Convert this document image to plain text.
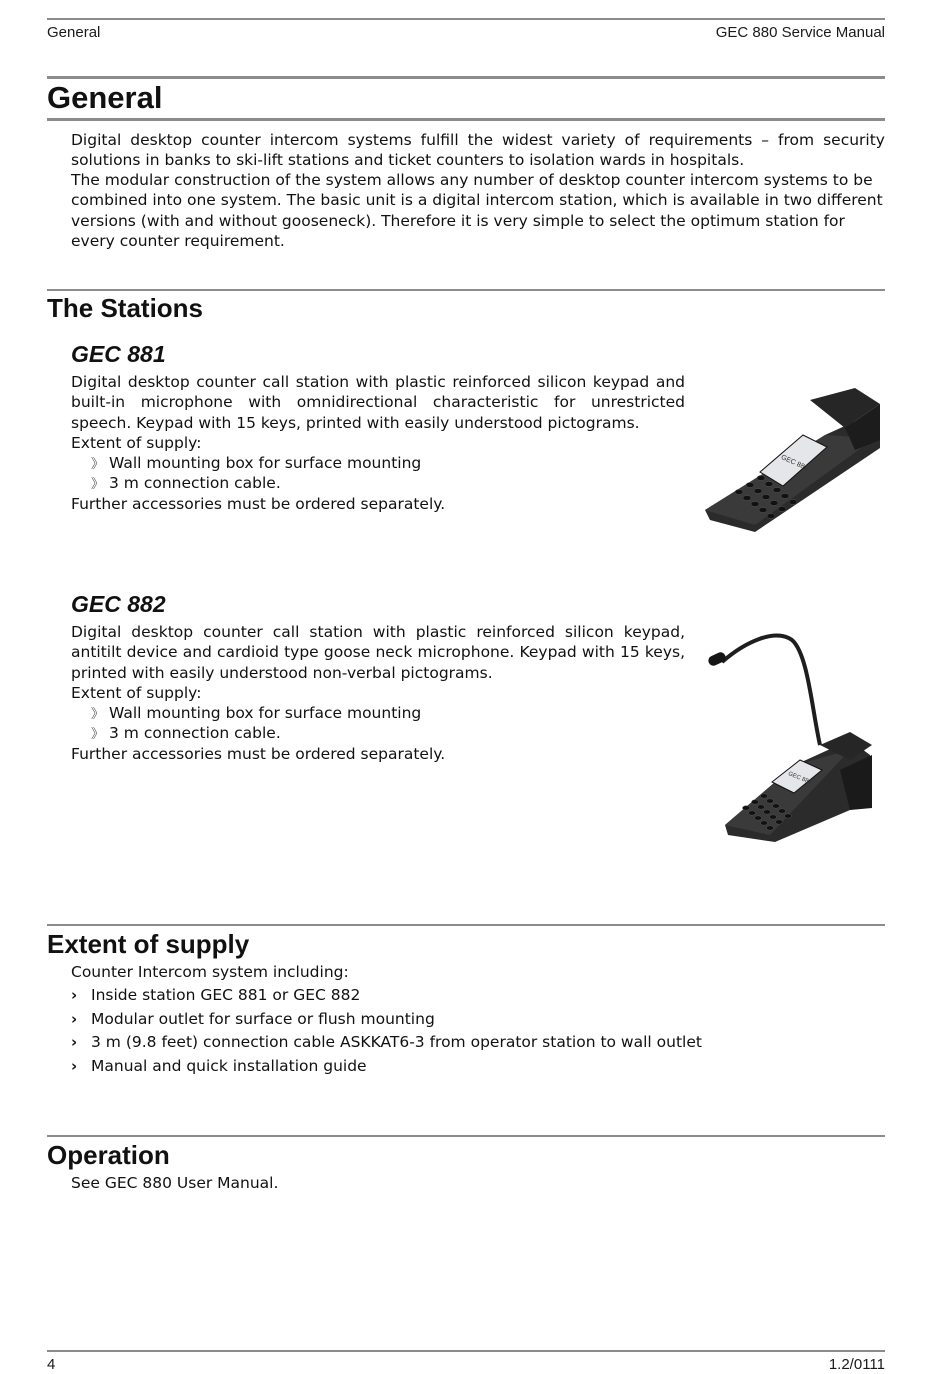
General	GEC 880 Service Manual
General
Digital desktop counter intercom systems fulfill the widest variety of requirements – from security solutions in banks to ski-lift stations and ticket counters to isolation wards in hospitals.
The modular construction of the system allows any number of desktop counter intercom systems to be combined into one system. The basic unit is a digital intercom station, which is available in two different versions (with and without gooseneck). Therefore it is very simple to select the optimum station for every counter requirement.
The Stations
GEC 881
Digital desktop counter call station with plastic reinforced silicon keypad and built-in microphone with omnidirectional characteristic for unrestricted speech. Keypad with 15 keys, printed with easily understood pictograms.
Extent of supply:
》 Wall mounting box for surface mounting
》 3 m connection cable.
Further accessories must be ordered separately.
GEC 881
GEC 882
Digital desktop counter call station with plastic reinforced silicon keypad, antitilt device and cardioid type goose neck microphone. Keypad with 15 keys, printed with easily understood non-verbal pictograms.
Extent of supply:
》 Wall mounting box for surface mounting
》 3 m connection cable.
Further accessories must be ordered separately.
GEC 882
Extent of supply
Counter Intercom system including:
› Inside station GEC 881 or GEC 882
› Modular outlet for surface or flush mounting
› 3 m (9.8 feet) connection cable ASKKAT6-3 from operator station to wall outlet
› Manual and quick installation guide
Operation
See GEC 880 User Manual.
4	1.2/0111
